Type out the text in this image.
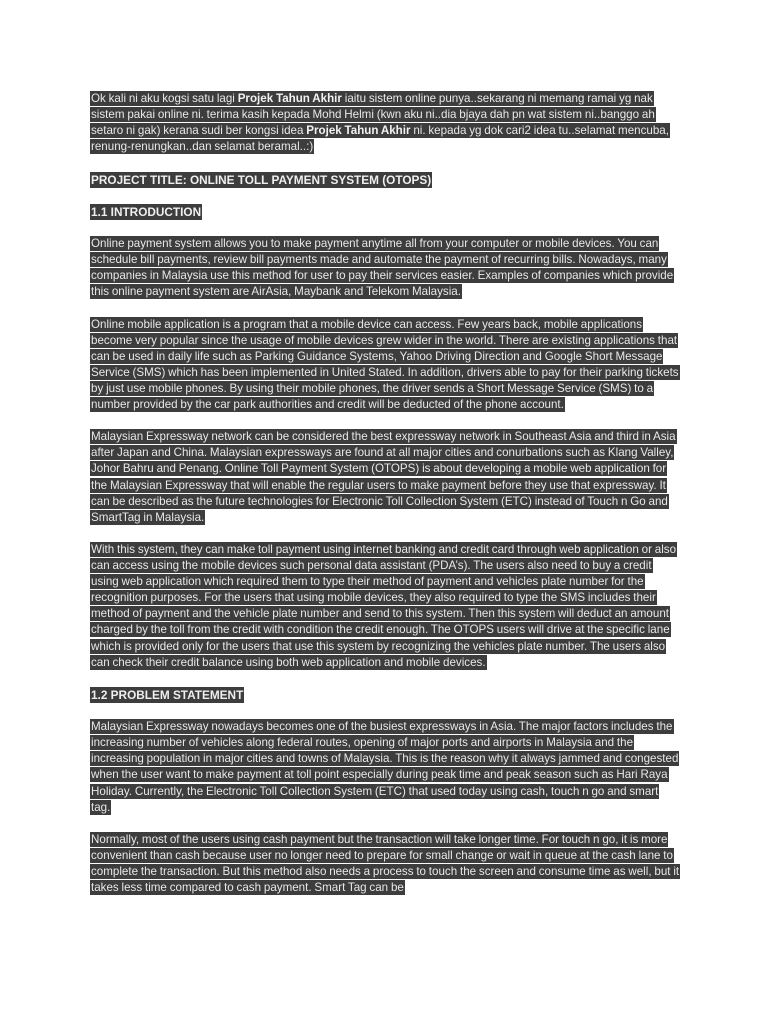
Ok kali ni aku kogsi satu lagi Projek Tahun Akhir iaitu sistem online punya..sekarang ni memang ramai yg nak sistem pakai online ni. terima kasih kepada Mohd Helmi (kwn aku ni..dia bjaya dah pn wat sistem ni..banggo ah setaro ni gak) kerana sudi ber kongsi idea Projek Tahun Akhir ni. kepada yg dok cari2 idea tu..selamat mencuba, renung-renungkan..dan selamat beramal..:)

PROJECT TITLE: ONLINE TOLL PAYMENT SYSTEM (OTOPS)

1.1 INTRODUCTION

Online payment system allows you to make payment anytime all from your computer or mobile devices. You can schedule bill payments, review bill payments made and automate the payment of recurring bills. Nowadays, many companies in Malaysia use this method for user to pay their services easier. Examples of companies which provide this online payment system are AirAsia, Maybank and Telekom Malaysia.

Online mobile application is a program that a mobile device can access. Few years back, mobile applications become very popular since the usage of mobile devices grew wider in the world. There are existing applications that can be used in daily life such as Parking Guidance Systems, Yahoo Driving Direction and Google Short Message Service (SMS) which has been implemented in United Stated. In addition, drivers able to pay for their parking tickets by just use mobile phones. By using their mobile phones, the driver sends a Short Message Service (SMS) to a number provided by the car park authorities and credit will be deducted of the phone account.

Malaysian Expressway network can be considered the best expressway network in Southeast Asia and third in Asia after Japan and China. Malaysian expressways are found at all major cities and conurbations such as Klang Valley, Johor Bahru and Penang. Online Toll Payment System (OTOPS) is about developing a mobile web application for the Malaysian Expressway that will enable the regular users to make payment before they use that expressway. It can be described as the future technologies for Electronic Toll Collection System (ETC) instead of Touch n Go and SmartTag in Malaysia.

With this system, they can make toll payment using internet banking and credit card through web application or also can access using the mobile devices such personal data assistant (PDA’s). The users also need to buy a credit using web application which required them to type their method of payment and vehicles plate number for the recognition purposes. For the users that using mobile devices, they also required to type the SMS includes their method of payment and the vehicle plate number and send to this system. Then this system will deduct an amount charged by the toll from the credit with condition the credit enough. The OTOPS users will drive at the specific lane which is provided only for the users that use this system by recognizing the vehicles plate number. The users also can check their credit balance using both web application and mobile devices.

1.2 PROBLEM STATEMENT

Malaysian Expressway nowadays becomes one of the busiest expressways in Asia. The major factors includes the increasing number of vehicles along federal routes, opening of major ports and airports in Malaysia and the increasing population in major cities and towns of Malaysia. This is the reason why it always jammed and congested when the user want to make payment at toll point especially during peak time and peak season such as Hari Raya Holiday. Currently, the Electronic Toll Collection System (ETC) that used today using cash, touch n go and smart tag.

Normally, most of the users using cash payment but the transaction will take longer time. For touch n go, it is more convenient than cash because user no longer need to prepare for small change or wait in queue at the cash lane to complete the transaction. But this method also needs a process to touch the screen and consume time as well, but it takes less time compared to cash payment. Smart Tag can be
